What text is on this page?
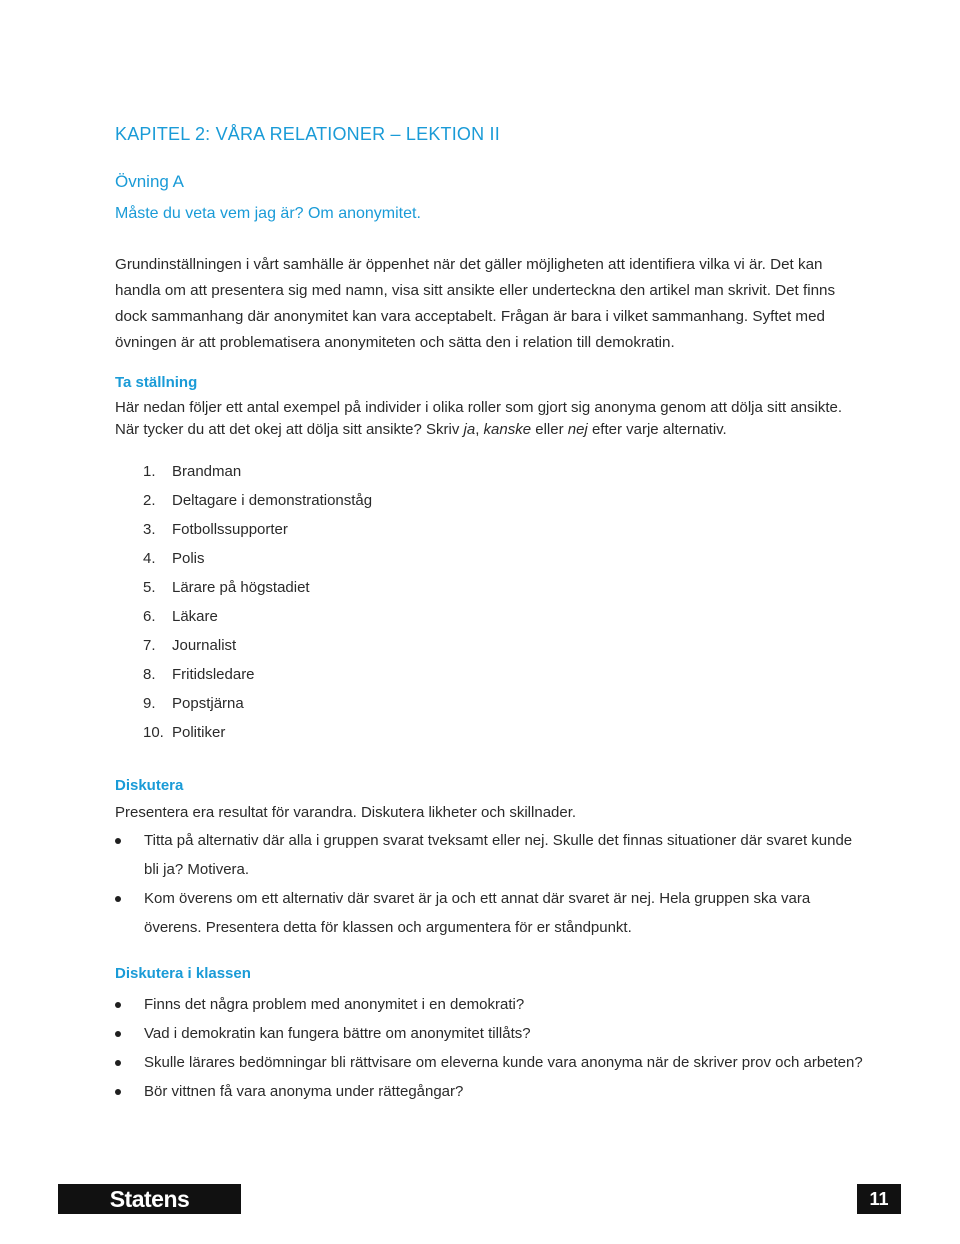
KAPITEL 2: VÅRA RELATIONER – LEKTION II
Övning A
Måste du veta vem jag är? Om anonymitet.

Grundinställningen i vårt samhälle är öppenhet när det gäller möjligheten att identifiera vilka vi är. Det kan handla om att presentera sig med namn, visa sitt ansikte eller underteckna den artikel man skrivit. Det finns dock sammanhang där anonymitet kan vara acceptabelt. Frågan är bara i vilket sammanhang. Syftet med övningen är att problematisera anonymiteten och sätta den i relation till demokratin.

Ta ställning

Här nedan följer ett antal exempel på individer i olika roller som gjort sig anonyma genom att dölja sitt ansikte. När tycker du att det okej att dölja sitt ansikte? Skriv ja, kanske eller nej efter varje alternativ.

1.	Brandman
2.	Deltagare i demonstrationståg
3.	Fotbollssupporter
4.	Polis
5.	Lärare på högstadiet
6.	Läkare
7.	Journalist
8.	Fritidsledare
9.	Popstjärna
10. Politiker
Diskutera

Presentera era resultat för varandra. Diskutera likheter och skillnader.

Titta på alternativ där alla i gruppen svarat tveksamt eller nej. Skulle det finnas situationer där svaret kunde bli ja? Motivera.
Kom överens om ett alternativ där svaret är ja och ett annat där svaret är nej. Hela gruppen ska vara överens. Presentera detta för klassen och argumentera för er ståndpunkt.
Diskutera i klassen
Finns det några problem med anonymitet i en demokrati?
Vad i demokratin kan fungera bättre om anonymitet tillåts?
Skulle lärares bedömningar bli rättvisare om eleverna kunde vara anonyma när de skriver prov och arbeten?
Bör vittnen få vara anonyma under rättegångar?
Statens medieråd
11
